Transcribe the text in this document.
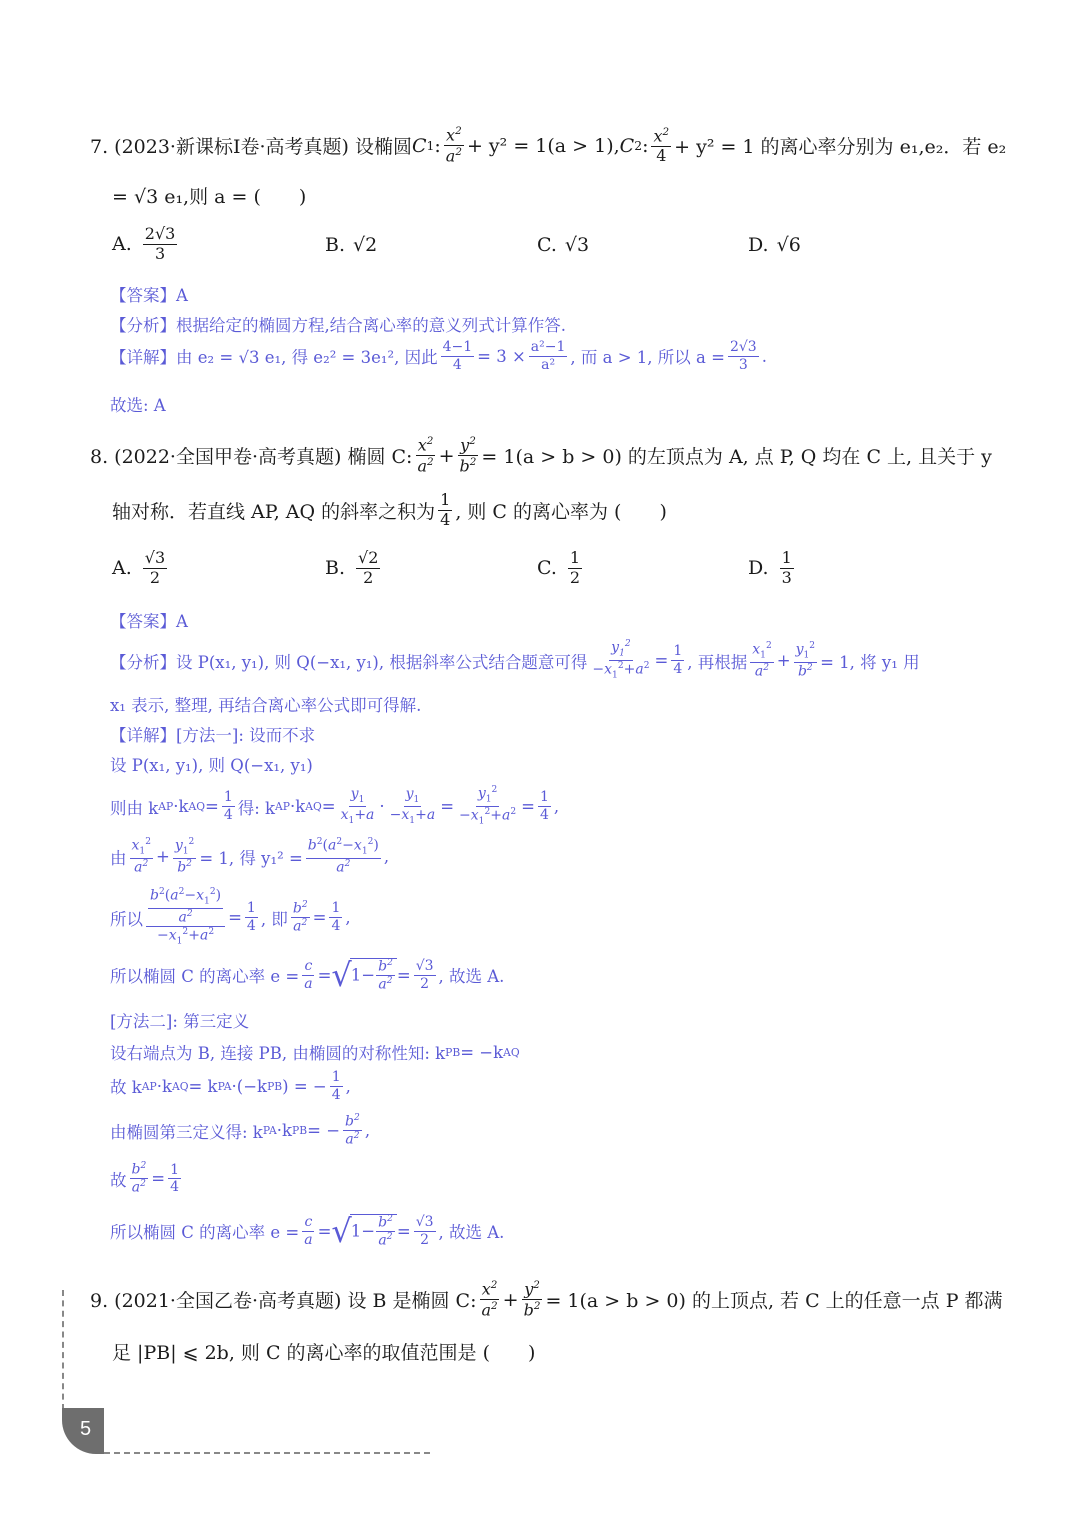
7. (2023·新课标Ⅰ卷·高考真题) 设椭圆 C 1 : $\frac{x^2}{a^2} + y^2 = 1(a > 1)$, C 2 : $\frac{x^2}{4} + y^2 = 1$ 的离心率分别为 e₁,e₂．若 e₂
= √3 e₁,则 a = (　　)
A. $\frac{2√3}{3}$	B. √2	C. √3	D. √6
【答案】A
【分析】根据给定的椭圆方程,结合离心率的意义列式计算作答.
【详解】由 e₂ = √3 e₁, 得 e₂² = 3e₁², 因此 $\frac{4-1}{4} = 3 \times \frac{\text{a²−1}}{\text{a²}}$ , 而 a > 1, 所以 $a = \frac{2√3}{3}$ .
故选: A
8. (2022·全国甲卷·高考真题) 椭圆 C: $\frac{x^2}{a^2} + \frac{y^2}{b^2} = 1(a > b > 0)$ 的左顶点为 A, 点 P, Q 均在 C 上, 且关于 y
轴对称．若直线 AP, AQ 的斜率之积为 $\frac{1}{4}$ , 则 C 的离心率为 (　　)
A. $\frac{√3}{2}$	B. $\frac{√2}{2}$	C. $\frac{1}{2}$	D. $\frac{1}{3}$
【答案】A
【分析】设 P(x₁, y₁), 则 Q(−x₁, y₁), 根据斜率公式结合题意可得 $\frac{y_1^2}{-x_1^2+a^2} = \frac{1}{4}$ , 再根据 $\frac{x_1^2}{a^2} + \frac{y_1^2}{b^2} = 1$, 将 y₁ 用
x₁ 表示, 整理, 再结合离心率公式即可得解.
【详解】[方法一]: 设而不求
设 P(x₁, y₁), 则 Q(−x₁, y₁)
则由 k AP ·k AQ = $\frac{1}{4}$ 得: k AP ·k AQ = $\frac{y_1}{x_1+a} \cdot \frac{y_1}{-x_1+a} = \frac{y_1^2}{-x_1^2+a^2} = \frac{1}{4}$ ,
由 $\frac{x_1^2}{a^2} + \frac{y_1^2}{b^2} = 1$, 得 $y_1^2 = \frac{b^2(a^2-x_1^2)}{a^2}$ ,
所以 $\frac{\frac{b^2(a^2-x_1^2)}{a^2}}{-x_1^2+a^2} = \frac{1}{4}$ , 即 $\frac{b^2}{a^2} = \frac{1}{4}$ ,
所以椭圆 C 的离心率 $e = \frac{c}{a}$ = √ $1- \frac{b^2}{a^2} = \frac{√3}{2}$ , 故选 A.
[方法二]: 第三定义
设右端点为 B, 连接 PB, 由椭圆的对称性知: k PB = −k AQ
故 k AP ·k AQ = k PA ·(−k PB ) = − $\frac{1}{4}$ ,
由椭圆第三定义得: k PA ·k PB = − $\frac{b^2}{a^2}$ ,
故 $\frac{b^2}{a^2} = \frac{1}{4}$
所以椭圆 C 的离心率 $e = \frac{c}{a}$ = √ $1- \frac{b^2}{a^2} = \frac{√3}{2}$ , 故选 A.
9. (2021·全国乙卷·高考真题) 设 B 是椭圆 C: $\frac{x^2}{a^2} + \frac{y^2}{b^2} = 1(a > b > 0)$ 的上顶点, 若 C 上的任意一点 P 都满
足 |PB| ⩽ 2b, 则 C 的离心率的取值范围是 (　　)
5
